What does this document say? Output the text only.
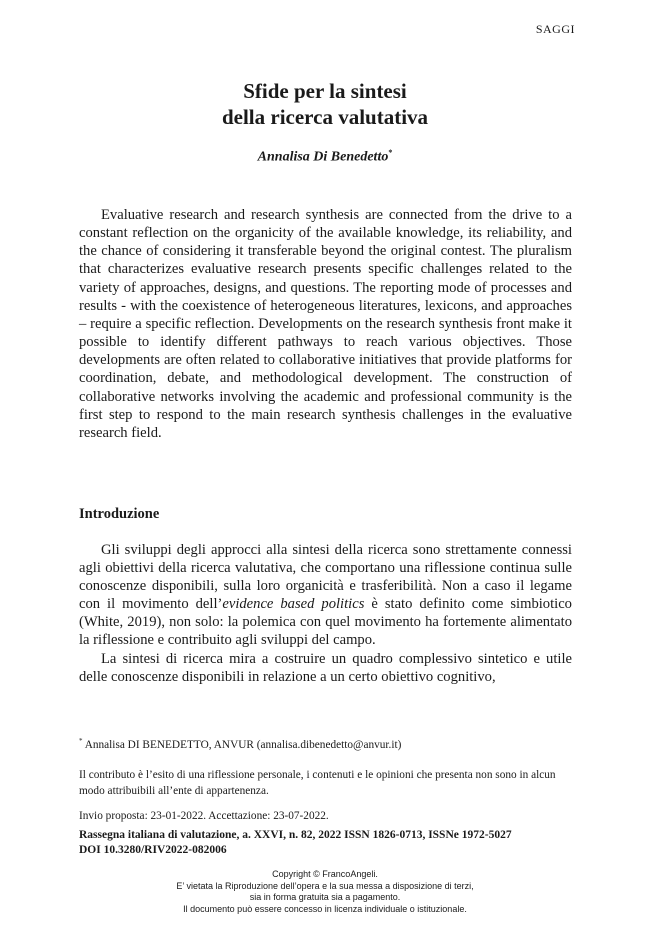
SAGGI
Sfide per la sintesi
della ricerca valutativa
Annalisa Di Benedetto*

Evaluative research and research synthesis are connected from the drive to a constant reflection on the organicity of the available knowledge, its reliability, and the chance of considering it transferable beyond the original contest. The pluralism that characterizes evaluative research presents specific challenges related to the variety of approaches, designs, and questions. The reporting mode of processes and results - with the coexistence of heterogeneous literatures, lexicons, and approaches – require a specific reflection. Developments on the research synthesis front make it possible to identify different pathways to reach various objectives. Those developments are often related to collaborative initiatives that provide platforms for coordination, debate, and methodological development. The construction of collaborative networks involving the academic and professional community is the first step to respond to the main research synthesis challenges in the evaluative research field.

Introduzione

Gli sviluppi degli approcci alla sintesi della ricerca sono strettamente connessi agli obiettivi della ricerca valutativa, che comportano una riflessione continua sulle conoscenze disponibili, sulla loro organicità e trasferibilità. Non a caso il legame con il movimento dell’evidence based politics è stato definito come simbiotico (White, 2019), non solo: la polemica con quel movimento ha fortemente alimentato la riflessione e contribuito agli sviluppi del campo.

La sintesi di ricerca mira a costruire un quadro complessivo sintetico e utile delle conoscenze disponibili in relazione a un certo obiettivo cognitivo,

* Annalisa DI BENEDETTO, ANVUR (annalisa.dibenedetto@anvur.it)

Il contributo è l’esito di una riflessione personale, i contenuti e le opinioni che presenta non sono in alcun modo attribuibili all’ente di appartenenza.

Invio proposta: 23-01-2022. Accettazione: 23-07-2022.
Rassegna italiana di valutazione, a. XXVI, n. 82, 2022 ISSN 1826-0713, ISSNe 1972-5027
DOI 10.3280/RIV2022-082006
Copyright © FrancoAngeli.
E’ vietata la Riproduzione dell’opera e la sua messa a disposizione di terzi,
sia in forma gratuita sia a pagamento.
Il documento può essere concesso in licenza individuale o istituzionale.
